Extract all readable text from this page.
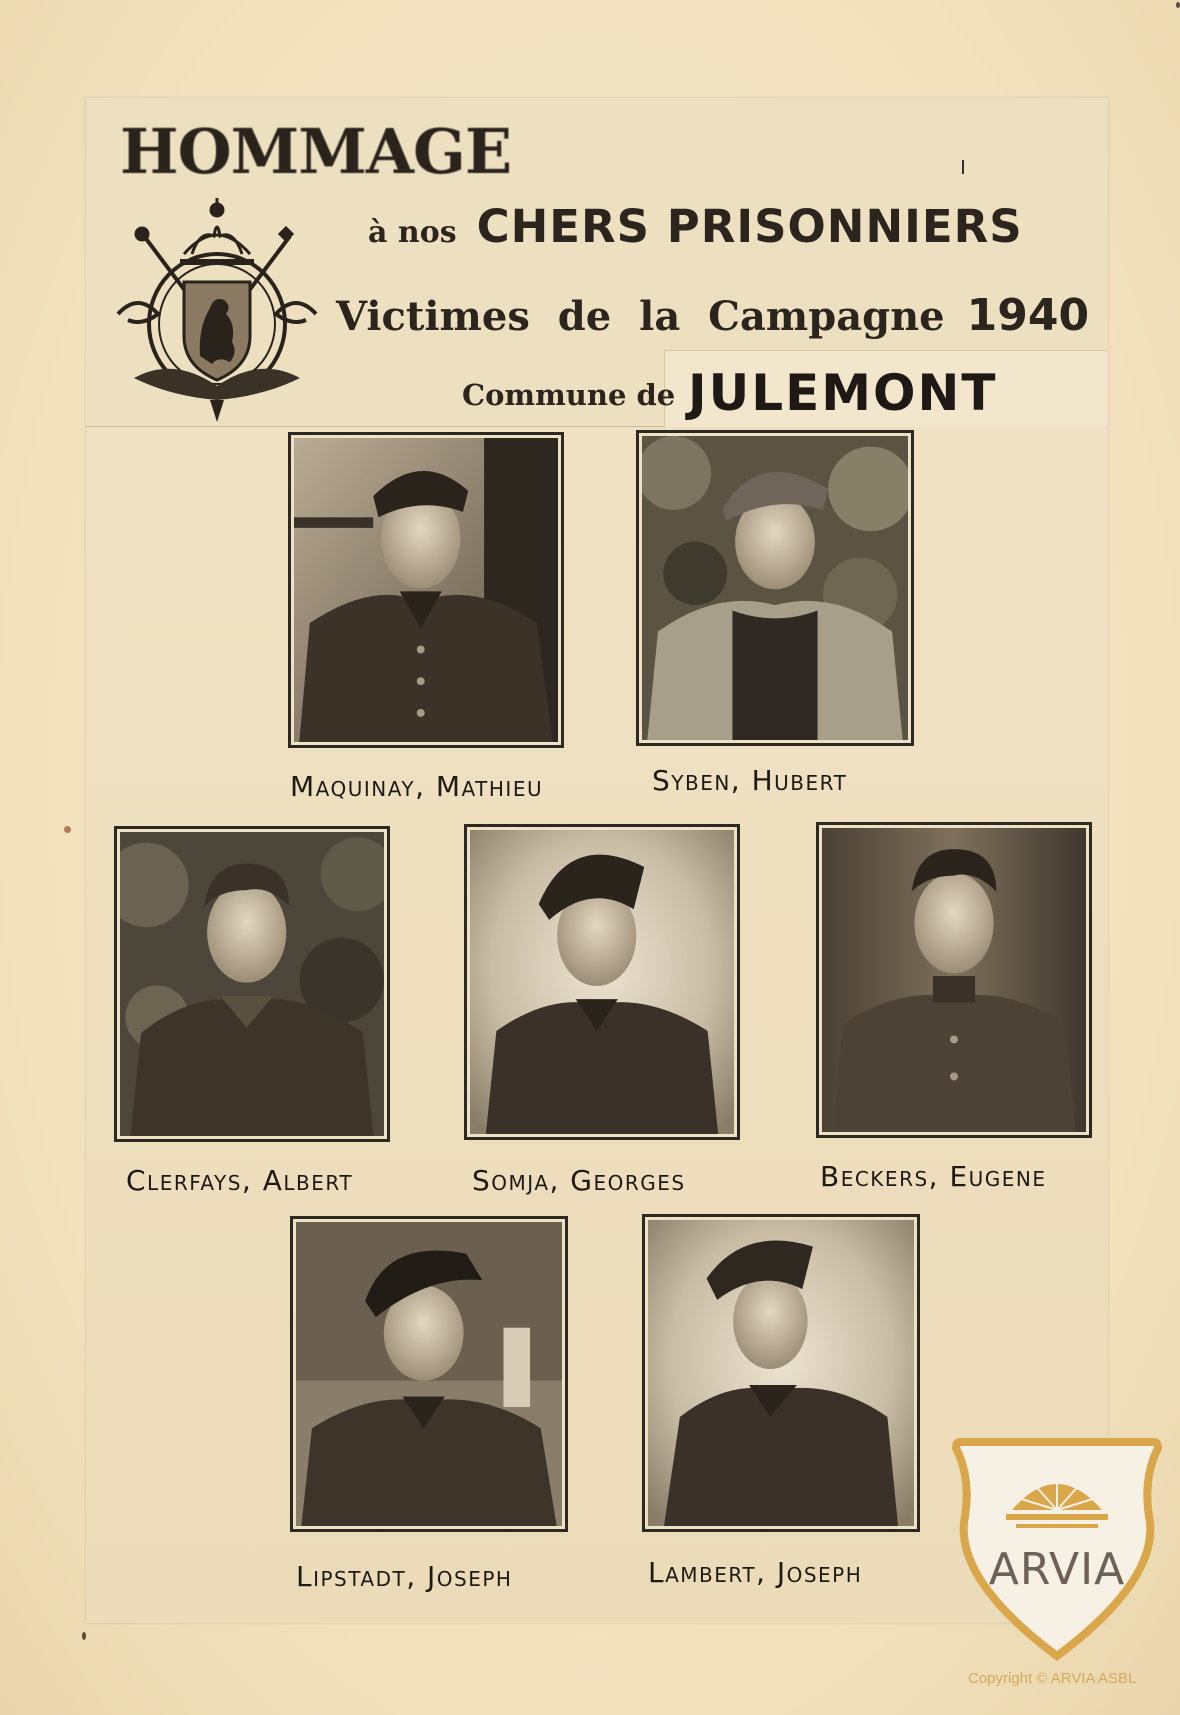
HOMMAGE
à nos CHERS PRISONNIERS
Victimes de la Campagne 1940
Commune de JULEMONT
Maquinay, Mathieu	Syben, Hubert
Clerfays, Albert	Somja, Georges	Beckers, Eugene
Lipstadt, Joseph	Lambert, Joseph	ARVIA
Copyright © ARVIA ASBL
